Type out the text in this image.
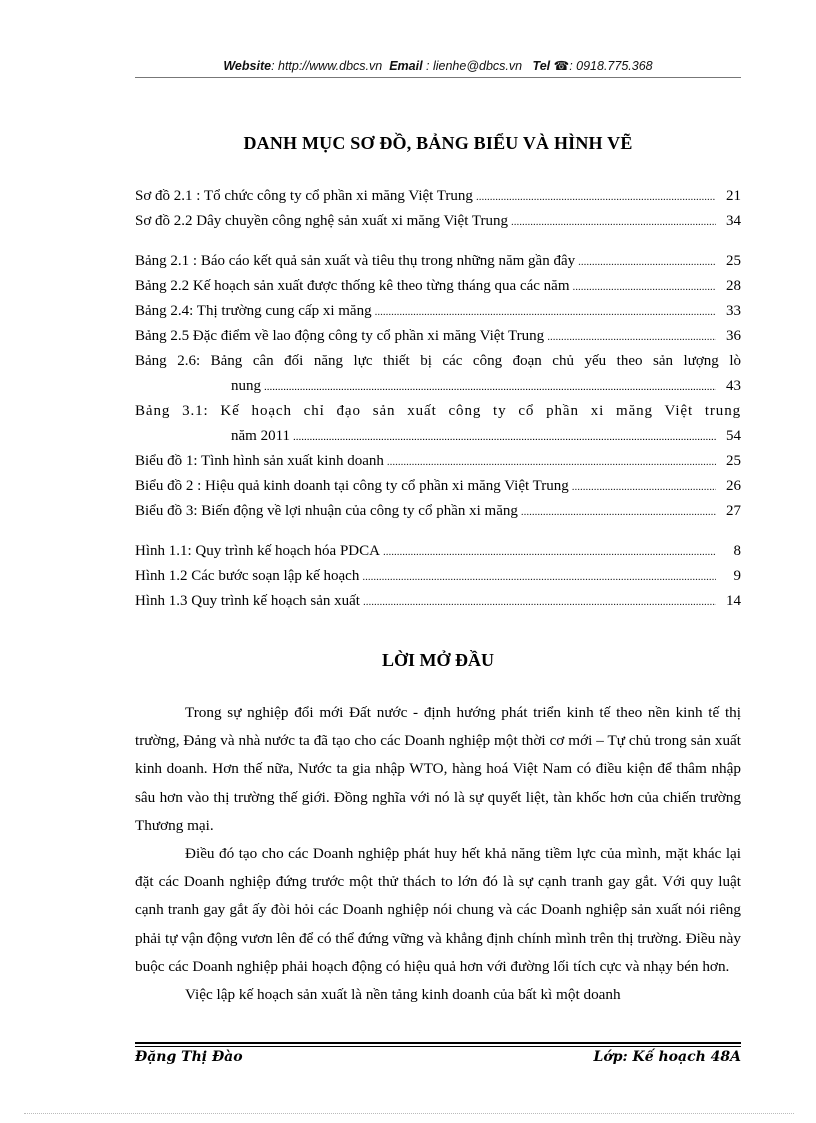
Website: http://www.dbcs.vn Email : lienhe@dbcs.vn Tel ☎: 0918.775.368
DANH MỤC SƠ ĐỒ, BẢNG BIỂU VÀ HÌNH VẼ
Sơ đồ 2.1 : Tổ chức công ty cổ phần xi măng Việt Trung .....	21
Sơ đồ 2.2 Dây chuyền công nghệ sản xuất xi măng Việt Trung .....	34
Bảng 2.1 : Báo cáo kết quả sản xuất và tiêu thụ trong những năm gần đây .....	25
Bảng 2.2 Kế hoạch sản xuất được thống kê theo từng tháng qua các năm .....	28
Bảng 2.4: Thị trường cung cấp xi măng .....	33
Bảng 2.5 Đặc điểm về lao động công ty cổ phần xi măng Việt Trung .....	36
Bảng 2.6: Bảng cân đối năng lực thiết bị các công đoạn chủ yếu theo sản lượng lò
nung .....	43
Bảng 3.1: Kế hoạch chỉ đạo sản xuất công ty cổ phần xi măng Việt trung
năm 2011 .....	54
Biểu đồ 1: Tình hình sản xuất kinh doanh .....	25
Biểu đồ 2 : Hiệu quả kinh doanh tại công ty cổ phần xi măng Việt Trung .....	26
Biểu đồ 3: Biến động về lợi nhuận của công ty cổ phần xi măng .....	27
Hình 1.1: Quy trình kế hoạch hóa PDCA .....	8
Hình 1.2 Các bước soạn lập kế hoạch .....	9
Hình 1.3 Quy trình kế hoạch sản xuất .....	14
LỜI MỞ ĐẦU

Trong sự nghiệp đổi mới Đất nước - định hướng phát triển kinh tế theo nền kinh tế thị trường, Đảng và nhà nước ta đã tạo cho các Doanh nghiệp một thời cơ mới – Tự chủ trong sản xuất kinh doanh. Hơn thế nữa, Nước ta gia nhập WTO, hàng hoá Việt Nam có điều kiện để thâm nhập sâu hơn vào thị trường thế giới. Đồng nghĩa với nó là sự quyết liệt, tàn khốc hơn của chiến trường Thương mại.

Điều đó tạo cho các Doanh nghiệp phát huy hết khả năng tiềm lực của mình, mặt khác lại đặt các Doanh nghiệp đứng trước một thử thách to lớn đó là sự cạnh tranh gay gắt. Với quy luật cạnh tranh gay gắt ấy đòi hỏi các Doanh nghiệp nói chung và các Doanh nghiệp sản xuất nói riêng phải tự vận động vươn lên để có thể đứng vững và khẳng định chính mình trên thị trường. Điều này buộc các Doanh nghiệp phải hoạch động có hiệu quả hơn với đường lối tích cực và nhạy bén hơn.

Việc lập kế hoạch sản xuất là nền tảng kinh doanh của bất kì một doanh

Đặng Thị Đào	Lớp: Kế hoạch 48A
